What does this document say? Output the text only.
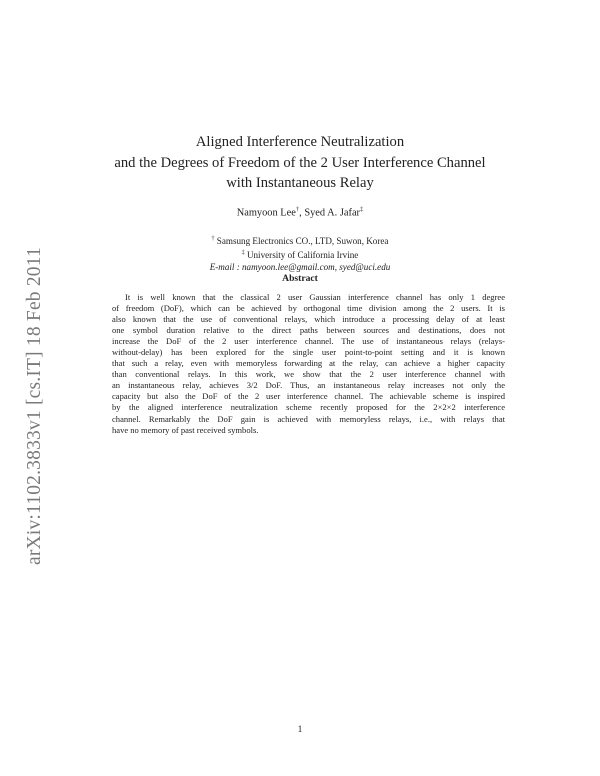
arXiv:1102.3833v1 [cs.IT] 18 Feb 2011
Aligned Interference Neutralization
and the Degrees of Freedom of the 2 User Interference Channel
with Instantaneous Relay
Namyoon Lee†, Syed A. Jafar‡
† Samsung Electronics CO., LTD, Suwon, Korea
‡ University of California Irvine
E-mail : namyoon.lee@gmail.com, syed@uci.edu
Abstract
It is well known that the classical 2 user Gaussian interference channel has only 1 degree
of freedom (DoF), which can be achieved by orthogonal time division among the 2 users. It is
also known that the use of conventional relays, which introduce a processing delay of at least
one symbol duration relative to the direct paths between sources and destinations, does not
increase the DoF of the 2 user interference channel. The use of instantaneous relays (relays-
without-delay) has been explored for the single user point-to-point setting and it is known
that such a relay, even with memoryless forwarding at the relay, can achieve a higher capacity
than conventional relays. In this work, we show that the 2 user interference channel with
an instantaneous relay, achieves 3/2 DoF. Thus, an instantaneous relay increases not only the
capacity but also the DoF of the 2 user interference channel. The achievable scheme is inspired
by the aligned interference neutralization scheme recently proposed for the 2×2×2 interference
channel. Remarkably the DoF gain is achieved with memoryless relays, i.e., with relays that
have no memory of past received symbols.
1
